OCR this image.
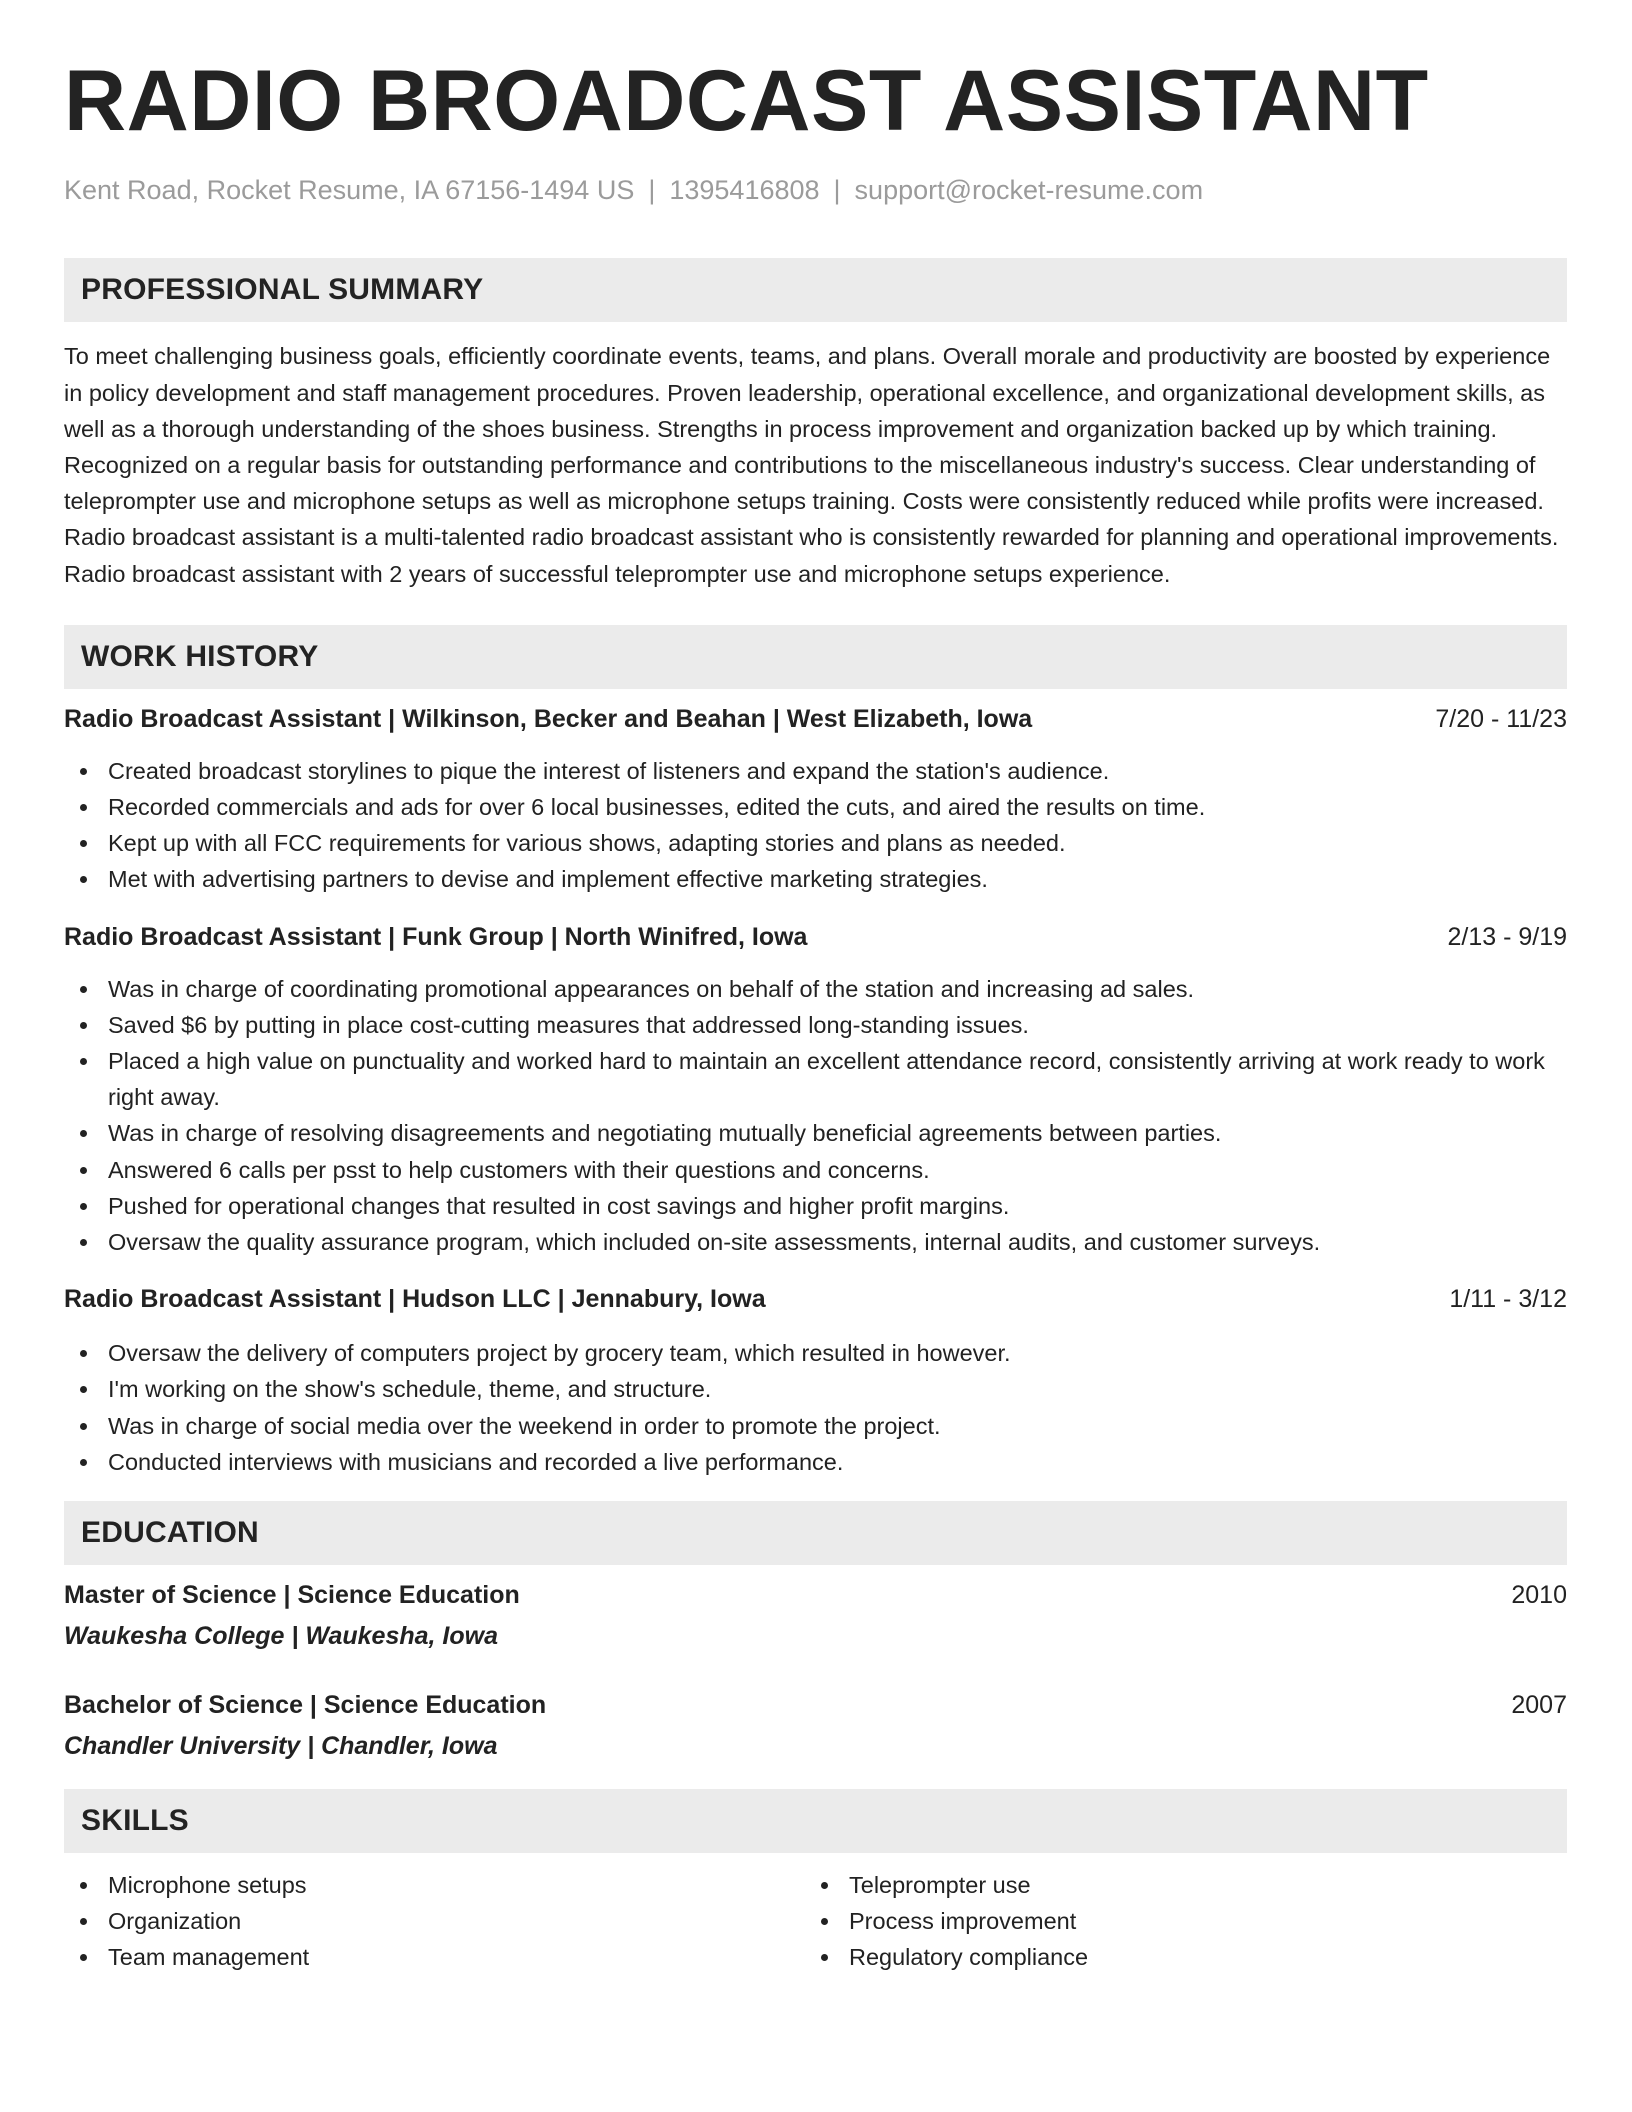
RADIO BROADCAST ASSISTANT
Kent Road, Rocket Resume, IA 67156-1494 US | 1395416808 | support@rocket-resume.com
PROFESSIONAL SUMMARY
To meet challenging business goals, efficiently coordinate events, teams, and plans. Overall morale and productivity are boosted by experience in policy development and staff management procedures. Proven leadership, operational excellence, and organizational development skills, as well as a thorough understanding of the shoes business. Strengths in process improvement and organization backed up by which training. Recognized on a regular basis for outstanding performance and contributions to the miscellaneous industry's success. Clear understanding of teleprompter use and microphone setups as well as microphone setups training. Costs were consistently reduced while profits were increased. Radio broadcast assistant is a multi-talented radio broadcast assistant who is consistently rewarded for planning and operational improvements. Radio broadcast assistant with 2 years of successful teleprompter use and microphone setups experience.
WORK HISTORY
Radio Broadcast Assistant | Wilkinson, Becker and Beahan | West Elizabeth, Iowa	7/20 - 11/23
Created broadcast storylines to pique the interest of listeners and expand the station's audience.
Recorded commercials and ads for over 6 local businesses, edited the cuts, and aired the results on time.
Kept up with all FCC requirements for various shows, adapting stories and plans as needed.
Met with advertising partners to devise and implement effective marketing strategies.
Radio Broadcast Assistant | Funk Group | North Winifred, Iowa	2/13 - 9/19
Was in charge of coordinating promotional appearances on behalf of the station and increasing ad sales.
Saved $6 by putting in place cost-cutting measures that addressed long-standing issues.
Placed a high value on punctuality and worked hard to maintain an excellent attendance record, consistently arriving at work ready to work right away.
Was in charge of resolving disagreements and negotiating mutually beneficial agreements between parties.
Answered 6 calls per psst to help customers with their questions and concerns.
Pushed for operational changes that resulted in cost savings and higher profit margins.
Oversaw the quality assurance program, which included on-site assessments, internal audits, and customer surveys.
Radio Broadcast Assistant | Hudson LLC | Jennabury, Iowa	1/11 - 3/12
Oversaw the delivery of computers project by grocery team, which resulted in however.
I'm working on the show's schedule, theme, and structure.
Was in charge of social media over the weekend in order to promote the project.
Conducted interviews with musicians and recorded a live performance.
EDUCATION
Master of Science | Science Education	2010
Waukesha College | Waukesha, Iowa
Bachelor of Science | Science Education	2007
Chandler University | Chandler, Iowa
SKILLS
Microphone setups
Organization
Team management
Teleprompter use
Process improvement
Regulatory compliance
